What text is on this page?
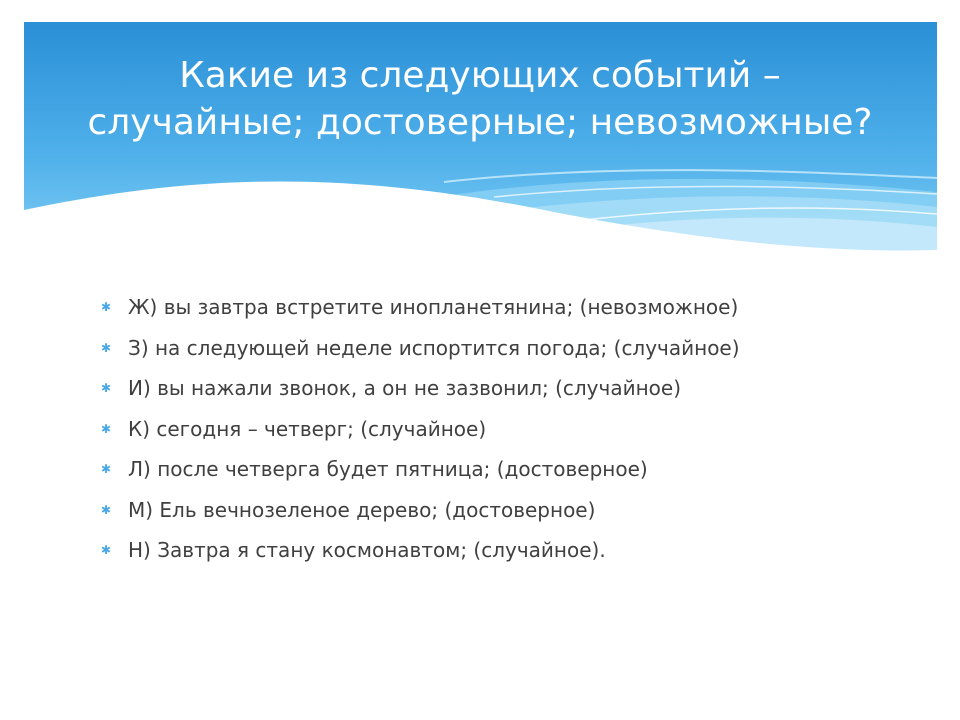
Какие из следующих событий –
случайные; достоверные; невозможные?
✱ Ж) вы завтра встретите инопланетянина; (невозможное)
✱ З) на следующей неделе испортится погода; (случайное)
✱ И) вы нажали звонок, а он не зазвонил; (случайное)
✱ К) сегодня – четверг; (случайное)
✱ Л) после четверга будет пятница; (достоверное)
✱ М) Ель вечнозеленое дерево; (достоверное)
✱ Н) Завтра я стану космонавтом; (случайное).
